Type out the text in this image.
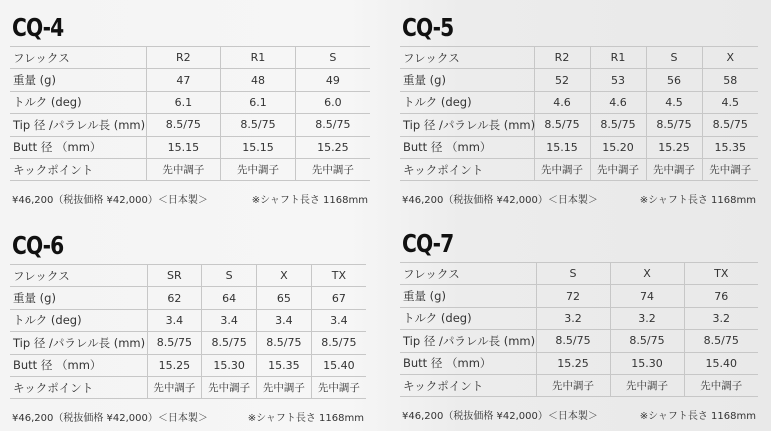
CQ-4
フレックス	R2	R1	S
重量 (g)	47	48	49
トルク (deg)	6.1	6.1	6.0
Tip 径 /パラレル長 (mm)	8.5/75	8.5/75	8.5/75
Butt 径 （mm）	15.15	15.15	15.25
キックポイント	先中調子	先中調子	先中調子
¥46,200（税抜価格 ¥42,000）＜日本製＞	※シャフト長さ 1168mm
CQ-5
フレックス	R2	R1	S	X
重量 (g)	52	53	56	58
トルク (deg)	4.6	4.6	4.5	4.5
Tip 径 /パラレル長 (mm)	8.5/75	8.5/75	8.5/75	8.5/75
Butt 径 （mm）	15.15	15.20	15.25	15.35
キックポイント	先中調子	先中調子	先中調子	先中調子
¥46,200（税抜価格 ¥42,000）＜日本製＞	※シャフト長さ 1168mm
CQ-6
フレックス	SR	S	X	TX
重量 (g)	62	64	65	67
トルク (deg)	3.4	3.4	3.4	3.4
Tip 径 /パラレル長 (mm)	8.5/75	8.5/75	8.5/75	8.5/75
Butt 径 （mm）	15.25	15.30	15.35	15.40
キックポイント	先中調子	先中調子	先中調子	先中調子
¥46,200（税抜価格 ¥42,000）＜日本製＞	※シャフト長さ 1168mm
CQ-7
フレックス	S	X	TX
重量 (g)	72	74	76
トルク (deg)	3.2	3.2	3.2
Tip 径 /パラレル長 (mm)	8.5/75	8.5/75	8.5/75
Butt 径 （mm）	15.25	15.30	15.40
キックポイント	先中調子	先中調子	先中調子
¥46,200（税抜価格 ¥42,000）＜日本製＞	※シャフト長さ 1168mm
